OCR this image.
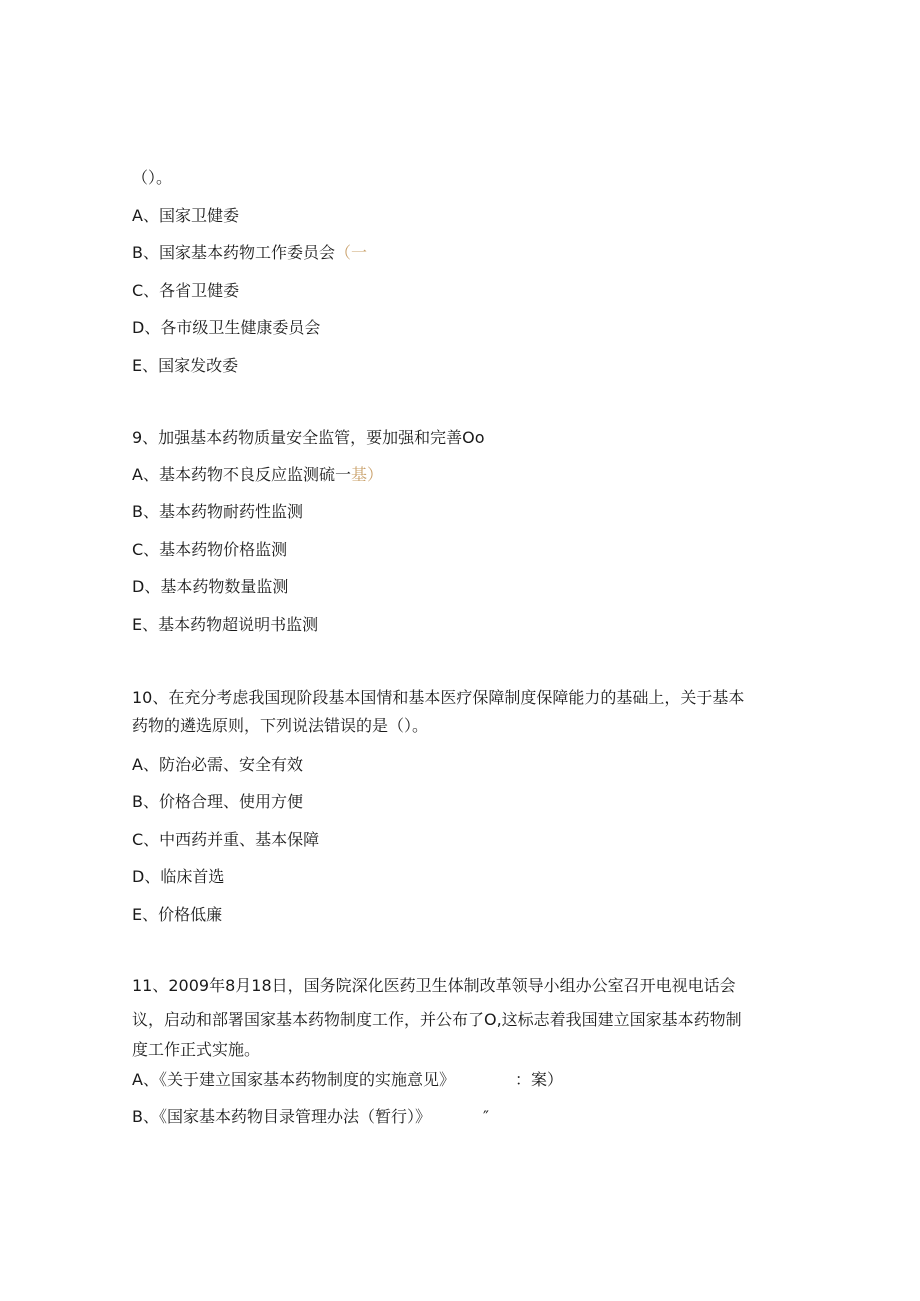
（）。
A、国家卫健委
B、国家基本药物工作委员会（一
C、各省卫健委
D、各市级卫生健康委员会
E、国家发改委
9、加强基本药物质量安全监管，要加强和完善Oo
A、基本药物不良反应监测硫一基）
B、基本药物耐药性监测
C、基本药物价格监测
D、基本药物数量监测
E、基本药物超说明书监测
10、在充分考虑我国现阶段基本国情和基本医疗保障制度保障能力的基础上，关于基本
药物的遴选原则，下列说法错误的是（）。
A、防治必需、安全有效
B、价格合理、使用方便
C、中西药并重、基本保障
D、临床首选
E、价格低廉
11、2009年8月18日，国务院深化医药卫生体制改革领导小组办公室召开电视电话会
议，启动和部署国家基本药物制度工作，并公布了O,这标志着我国建立国家基本药物制
度工作正式实施。
A、《关于建立国家基本药物制度的实施意见》	：案）
B、《国家基本药物目录管理办法（暂行）》	″
